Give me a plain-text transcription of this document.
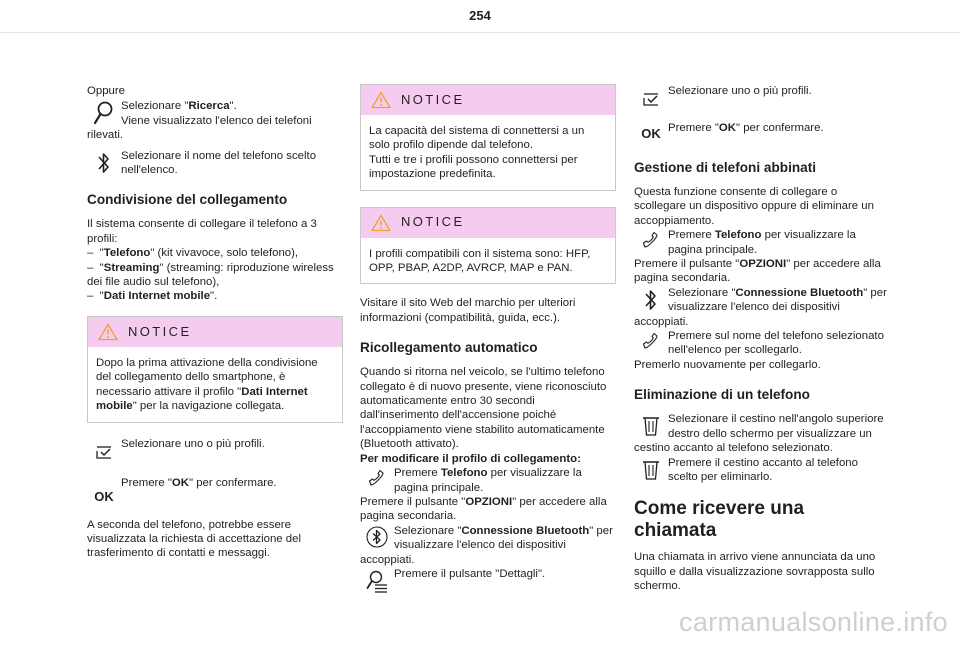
254

Oppure

Selezionare "Ricerca".
Viene visualizzato l'elenco dei telefoni rilevati.
Selezionare il nome del telefono scelto nell'elenco.
Condivisione del collegamento

Il sistema consente di collegare il telefono a 3 profili:

–  "Telefono" (kit vivavoce, solo telefono),
–  "Streaming" (streaming: riproduzione wireless dei file audio sul telefono),
–  "Dati Internet mobile".
NOTICE
Dopo la prima attivazione della condivisione del collegamento dello smartphone, è necessario attivare il profilo "Dati Internet mobile" per la navigazione collegata.
Selezionare uno o più profili.
OK
Premere "OK" per confermare.

A seconda del telefono, potrebbe essere visualizzata la richiesta di accettazione del trasferimento di contatti e messaggi.

NOTICE
La capacità del sistema di connettersi a un solo profilo dipende dal telefono.
Tutti e tre i profili possono connettersi per impostazione predefinita.
NOTICE
I profili compatibili con il sistema sono: HFP, OPP, PBAP, A2DP, AVRCP, MAP e PAN.

Visitare il sito Web del marchio per ulteriori informazioni (compatibilità, guida, ecc.).

Ricollegamento automatico

Quando si ritorna nel veicolo, se l'ultimo telefono collegato è di nuovo presente, viene riconosciuto automaticamente entro 30 secondi dall'inserimento dell'accensione poiché l'accoppiamento viene stabilito automaticamente (Bluetooth attivato).

Per modificare il profilo di collegamento:

Premere Telefono per visualizzare la pagina principale.

Premere il pulsante "OPZIONI" per accedere alla pagina secondaria.

Selezionare "Connessione Bluetooth" per visualizzare l'elenco dei dispositivi accoppiati.
Premere il pulsante "Dettagli".
Selezionare uno o più profili.
OK Premere "OK" per confermare.
Gestione di telefoni abbinati

Questa funzione consente di collegare o scollegare un dispositivo oppure di eliminare un accoppiamento.

Premere Telefono per visualizzare la pagina principale.

Premere il pulsante "OPZIONI" per accedere alla pagina secondaria.

Selezionare "Connessione Bluetooth" per visualizzare l'elenco dei dispositivi accoppiati.
Premere sul nome del telefono selezionato nell'elenco per scollegarlo.

Premerlo nuovamente per collegarlo.

Eliminazione di un telefono
Selezionare il cestino nell'angolo superiore destro dello schermo per visualizzare un cestino accanto al telefono selezionato.
Premere il cestino accanto al telefono scelto per eliminarlo.
Come ricevere una chiamata

Una chiamata in arrivo viene annunciata da uno squillo e dalla visualizzazione sovrapposta sullo schermo.

carmanualsonline.info
